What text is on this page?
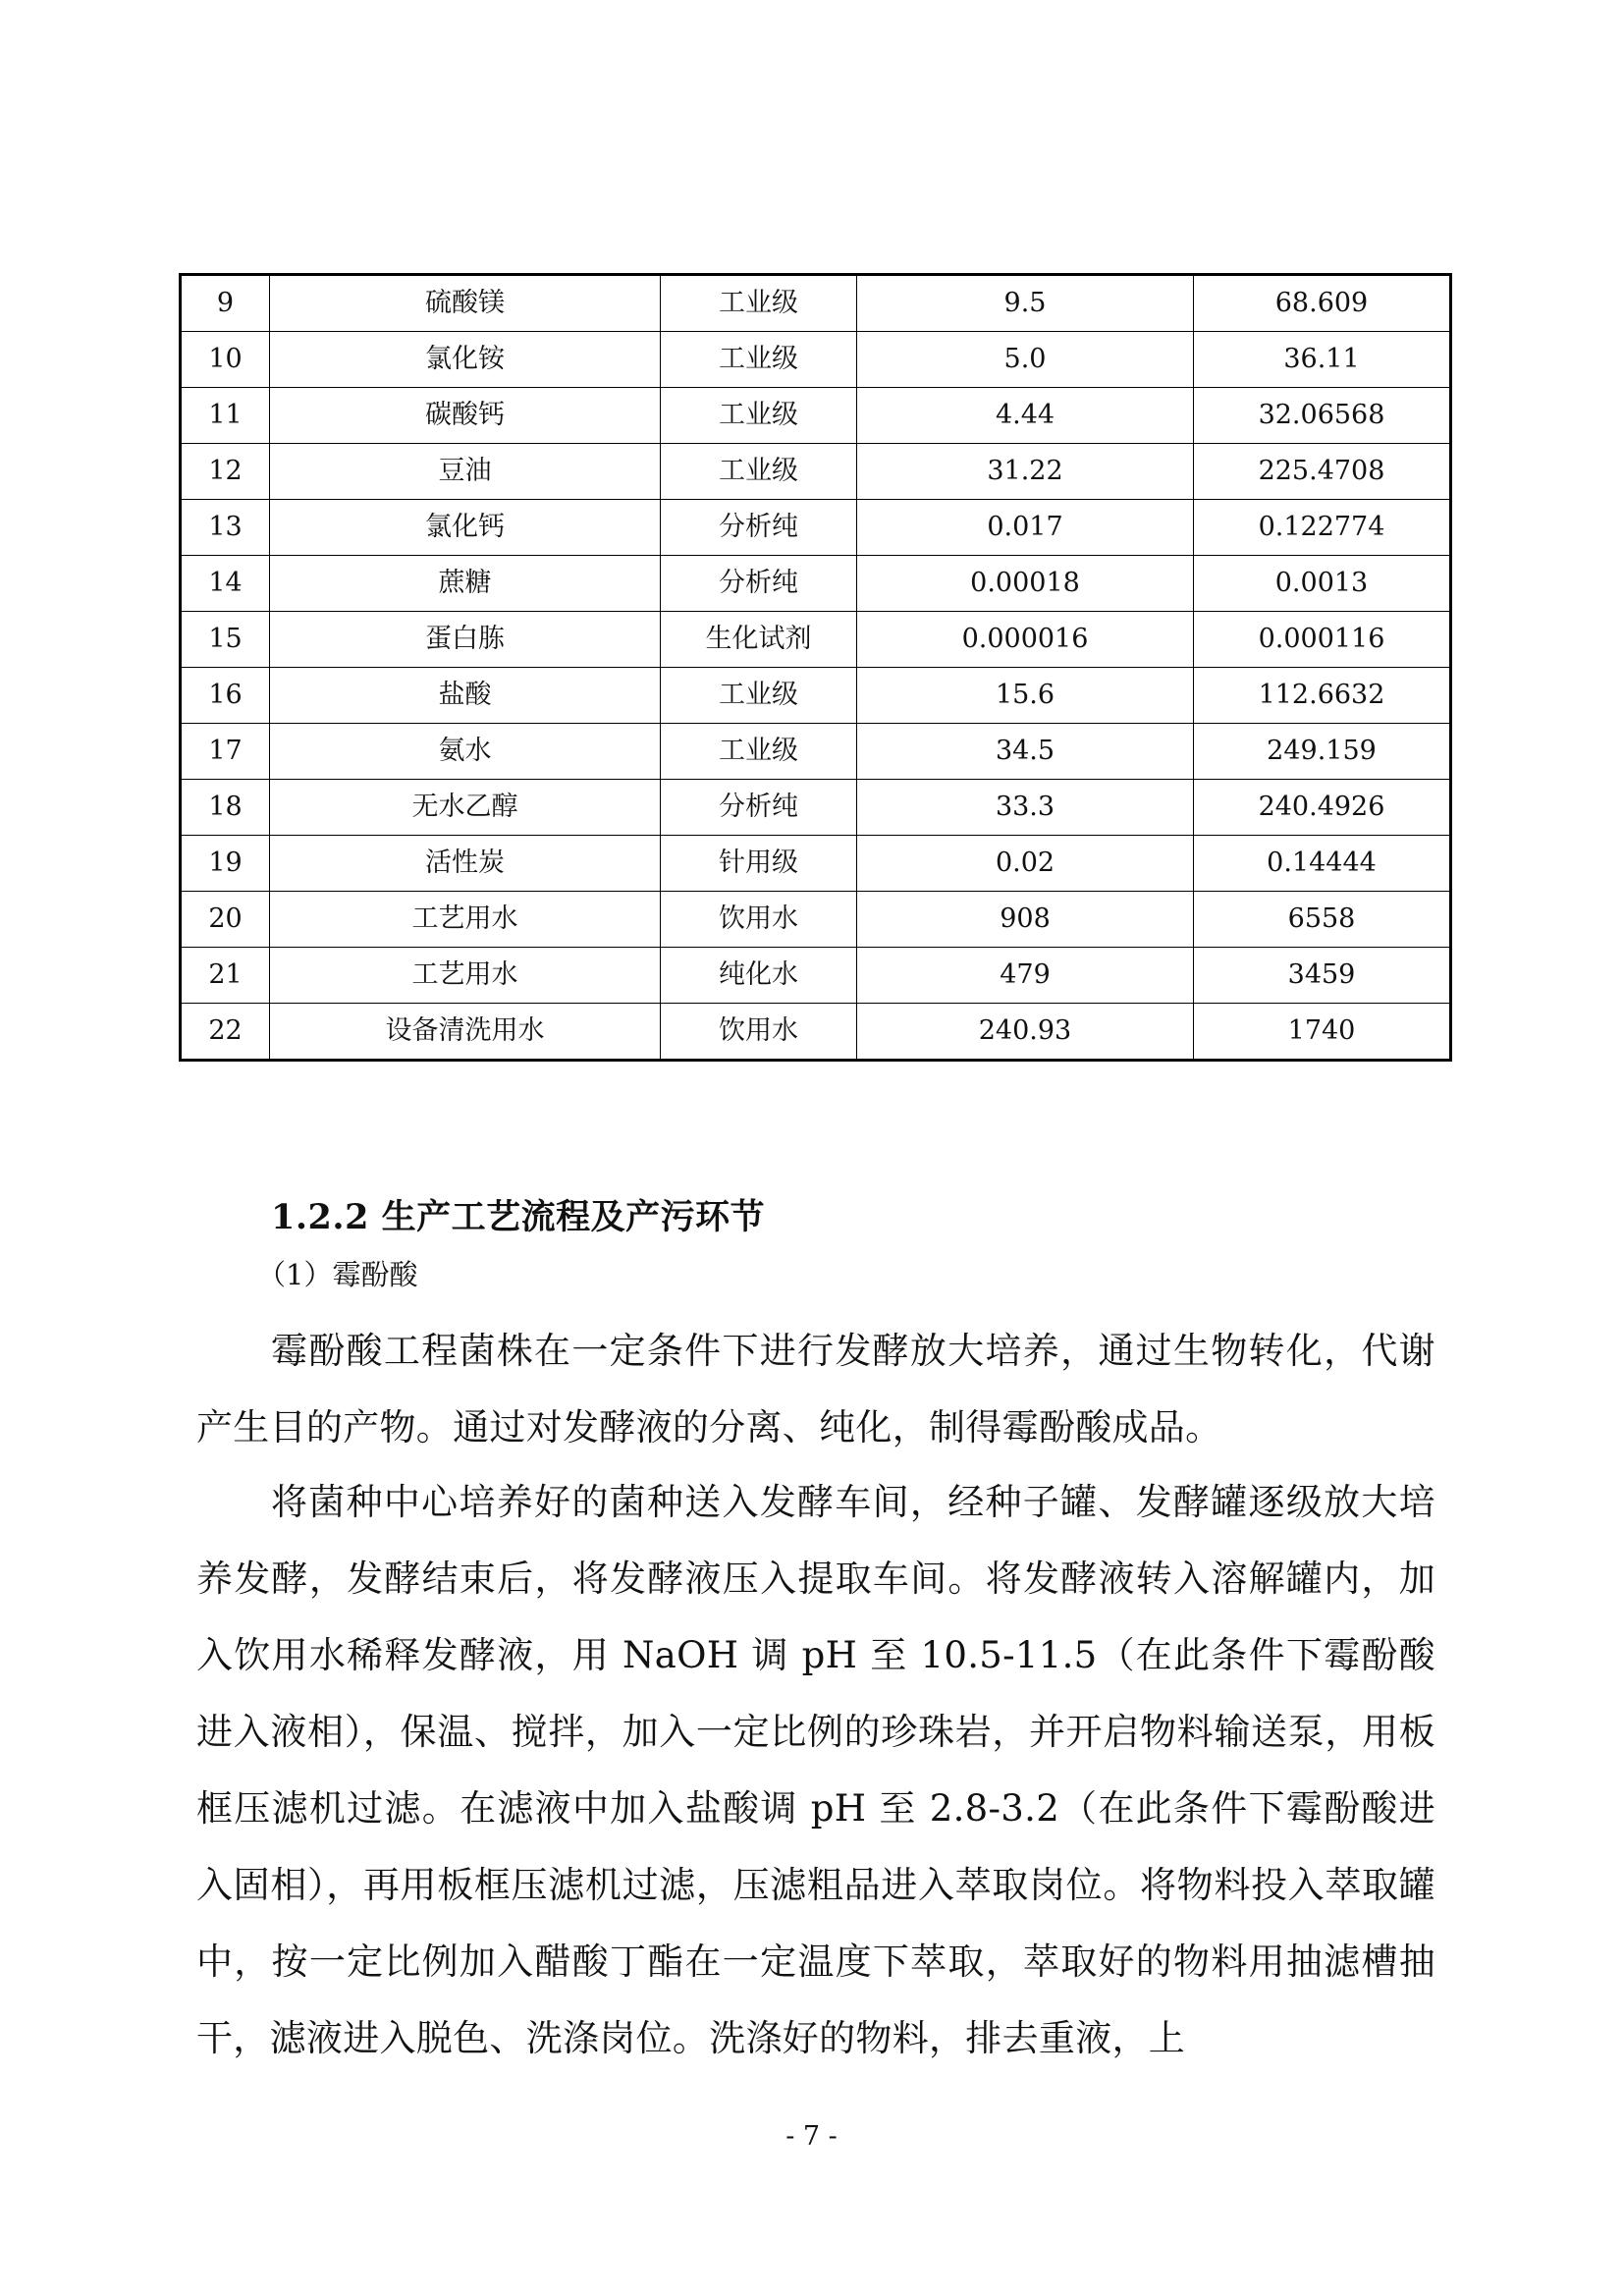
9	硫酸镁	工业级	9.5	68.609
10	氯化铵	工业级	5.0	36.11
11	碳酸钙	工业级	4.44	32.06568
12	豆油	工业级	31.22	225.4708
13	氯化钙	分析纯	0.017	0.122774
14	蔗糖	分析纯	0.00018	0.0013
15	蛋白胨	生化试剂	0.000016	0.000116
16	盐酸	工业级	15.6	112.6632
17	氨水	工业级	34.5	249.159
18	无水乙醇	分析纯	33.3	240.4926
19	活性炭	针用级	0.02	0.14444
20	工艺用水	饮用水	908	6558
21	工艺用水	纯化水	479	3459
22	设备清洗用水	饮用水	240.93	1740
1.2.2 生产工艺流程及产污环节

（1）霉酚酸

霉酚酸工程菌株在一定条件下进行发酵放大培养，通过生物转化，代谢产生目的产物。通过对发酵液的分离、纯化，制得霉酚酸成品。

将菌种中心培养好的菌种送入发酵车间，经种子罐、发酵罐逐级放大培养发酵，发酵结束后，将发酵液压入提取车间。将发酵液转入溶解罐内，加入饮用水稀释发酵液，用 NaOH 调 pH 至 10.5-11.5（在此条件下霉酚酸进入液相），保温、搅拌，加入一定比例的珍珠岩，并开启物料输送泵，用板框压滤机过滤。在滤液中加入盐酸调 pH 至 2.8-3.2（在此条件下霉酚酸进入固相），再用板框压滤机过滤，压滤粗品进入萃取岗位。将物料投入萃取罐中，按一定比例加入醋酸丁酯在一定温度下萃取，萃取好的物料用抽滤槽抽干，滤液进入脱色、洗涤岗位。洗涤好的物料，排去重液，上

- 7 -
